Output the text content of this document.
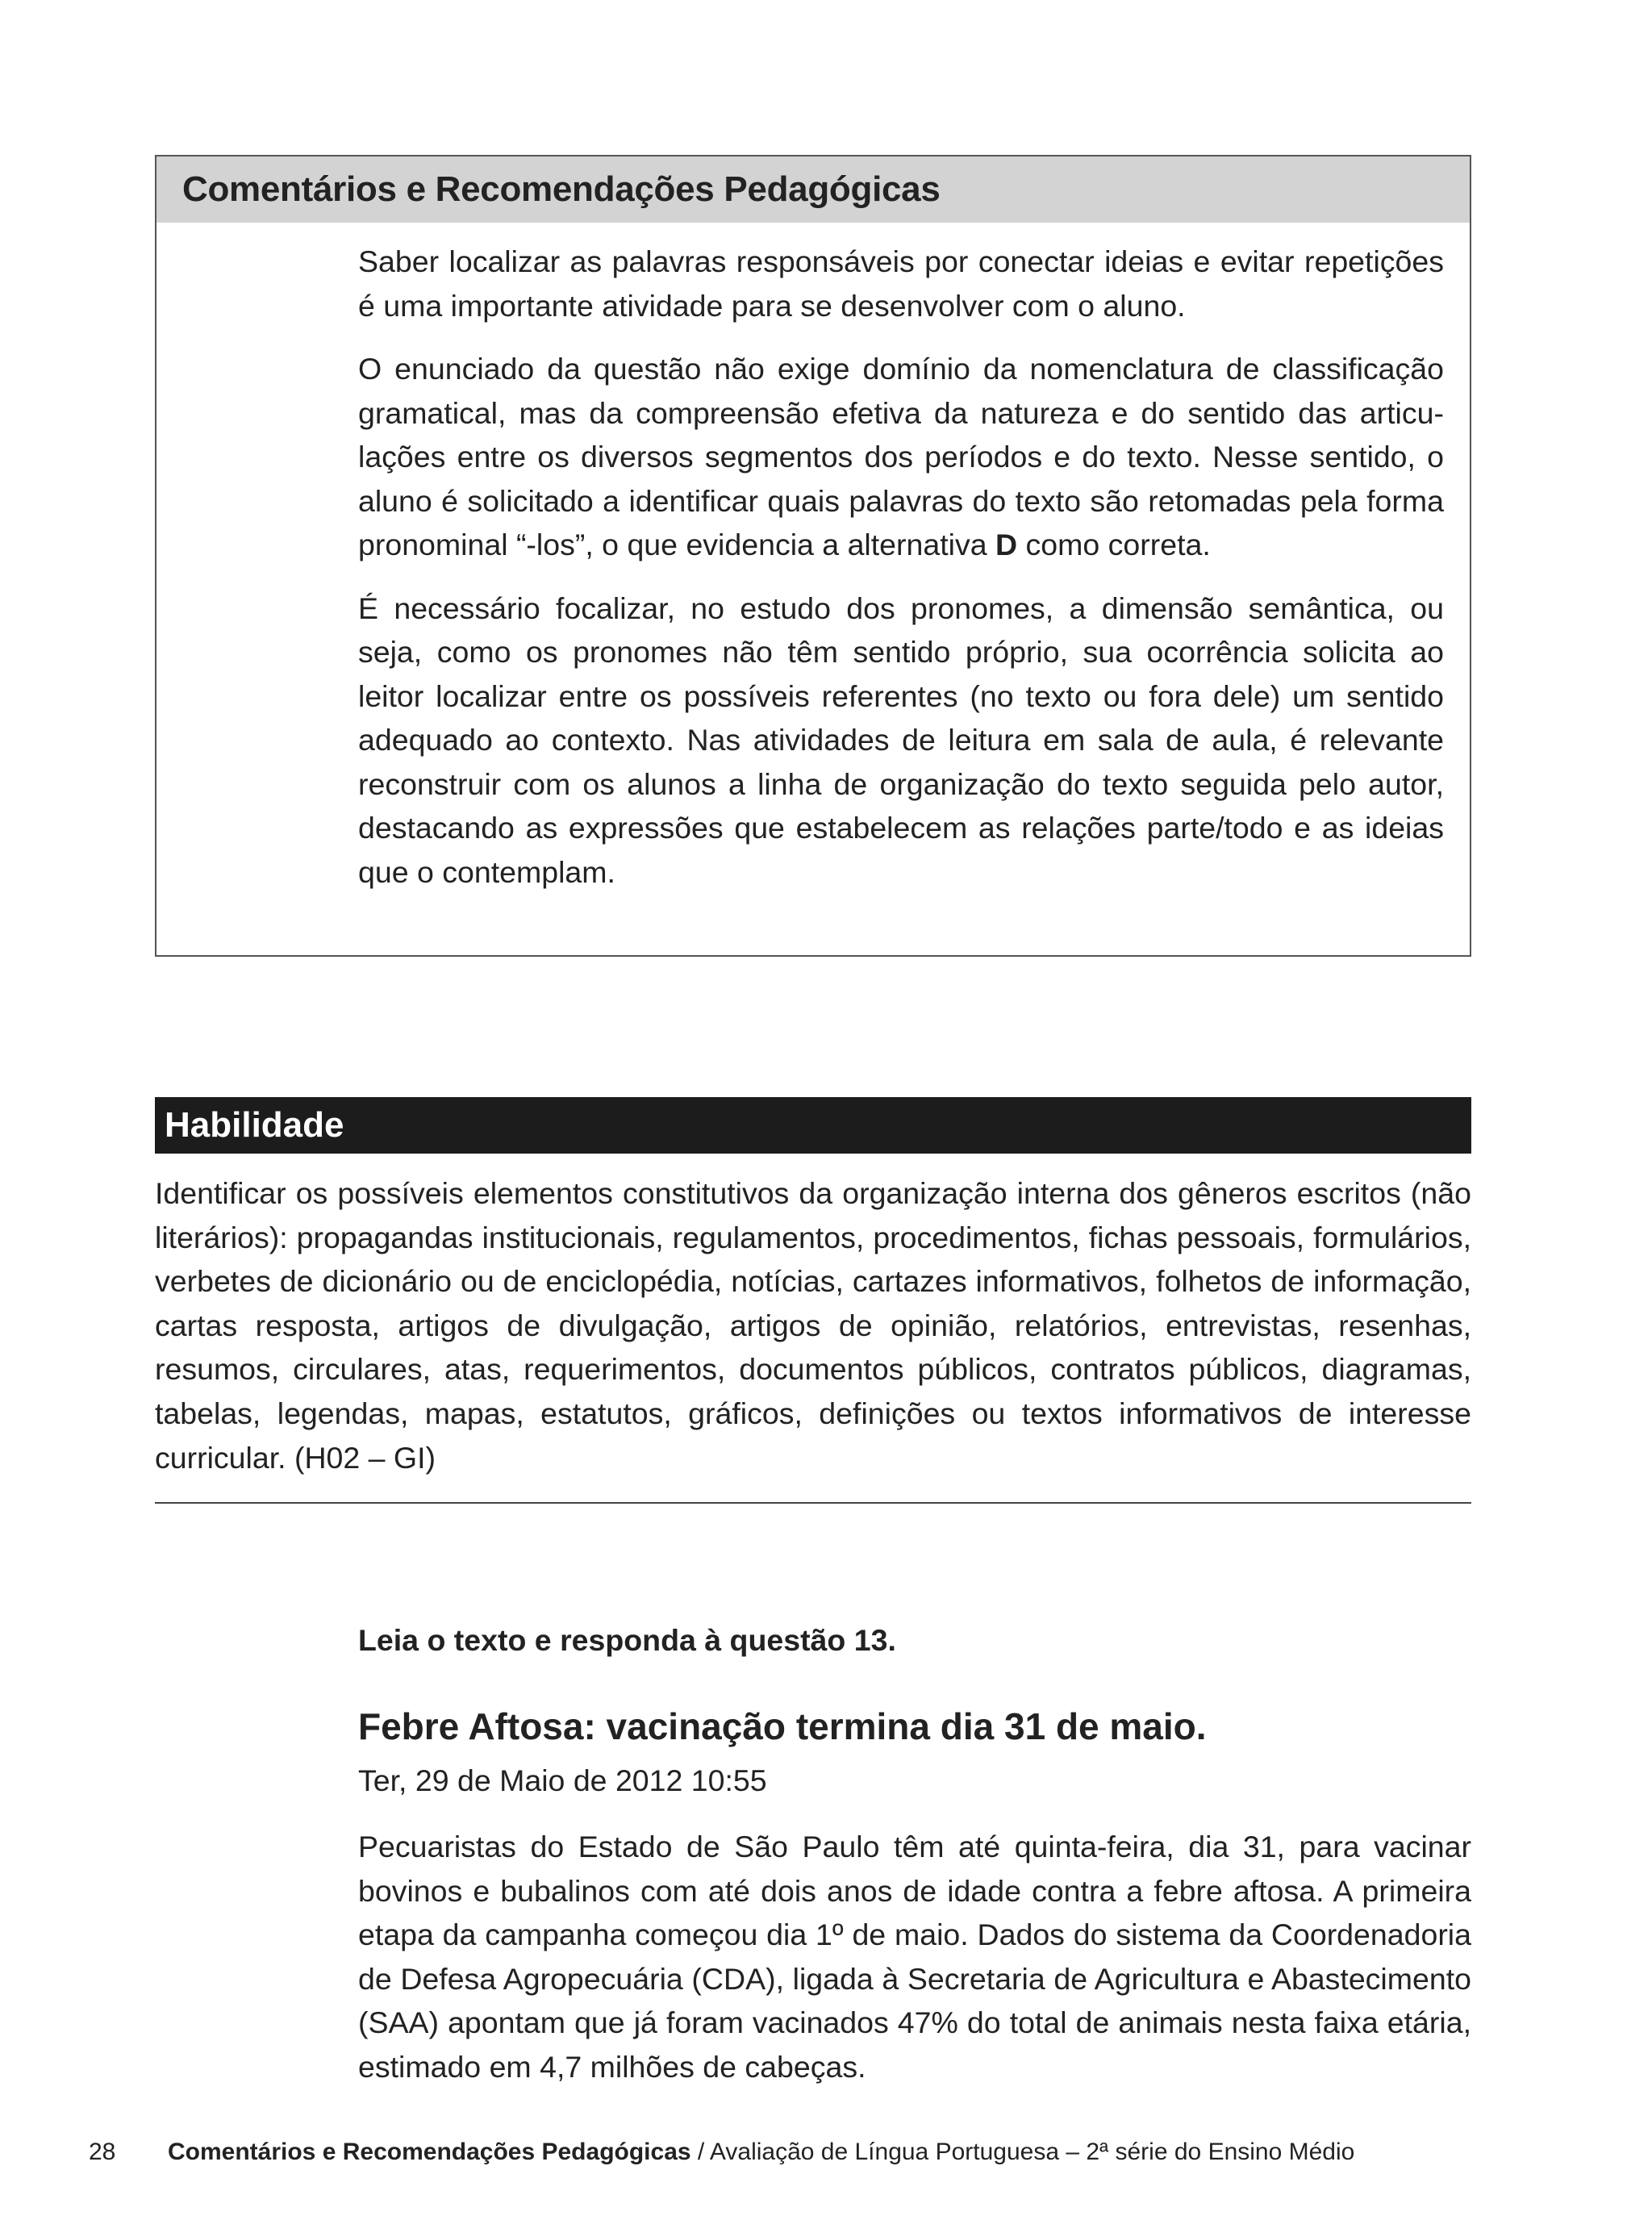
Comentários e Recomendações Pedagógicas

Saber localizar as palavras responsáveis por conectar ideias e evitar repetições é uma importante atividade para se desenvolver com o aluno.

O enunciado da questão não exige domínio da nomenclatura de classificação gramatical, mas da compreensão efetiva da natureza e do sentido das articulações entre os diversos segmentos dos períodos e do texto. Nesse sentido, o aluno é solicitado a identificar quais palavras do texto são retomadas pela forma pronominal “-los”, o que evidencia a alternativa D como correta.

É necessário focalizar, no estudo dos pronomes, a dimensão semântica, ou seja, como os pronomes não têm sentido próprio, sua ocorrência solicita ao leitor localizar entre os possíveis referentes (no texto ou fora dele) um sentido adequado ao contexto. Nas atividades de leitura em sala de aula, é relevante reconstruir com os alunos a linha de organização do texto seguida pelo autor, destacando as expressões que estabelecem as relações parte/todo e as ideias que o contemplam.

Habilidade

Identificar os possíveis elementos constitutivos da organização interna dos gêneros escritos (não literários): propagandas institucionais, regulamentos, procedimentos, fichas pessoais, formulários, verbetes de dicionário ou de enciclopédia, notícias, cartazes informativos, folhetos de informação, cartas resposta, artigos de divulgação, artigos de opinião, relatórios, entrevistas, resenhas, resumos, circulares, atas, requerimentos, documentos públicos, contratos públicos, diagramas, tabelas, legendas, mapas, estatutos, gráficos, definições ou textos informativos de interesse curricular. (H02 – GI)

Leia o texto e responda à questão 13.

Febre Aftosa: vacinação termina dia 31 de maio.

Ter, 29 de Maio de 2012 10:55

Pecuaristas do Estado de São Paulo têm até quinta-feira, dia 31, para vacinar bovinos e bubalinos com até dois anos de idade contra a febre aftosa. A primeira etapa da campanha começou dia 1º de maio. Dados do sistema da Coordenadoria de Defesa Agropecuária (CDA), ligada à Secretaria de Agricultura e Abastecimento (SAA) apontam que já foram vacinados 47% do total de animais nesta faixa etária, estimado em 4,7 milhões de cabeças.

28 Comentários e Recomendações Pedagógicas / Avaliação de Língua Portuguesa – 2ª série do Ensino Médio
